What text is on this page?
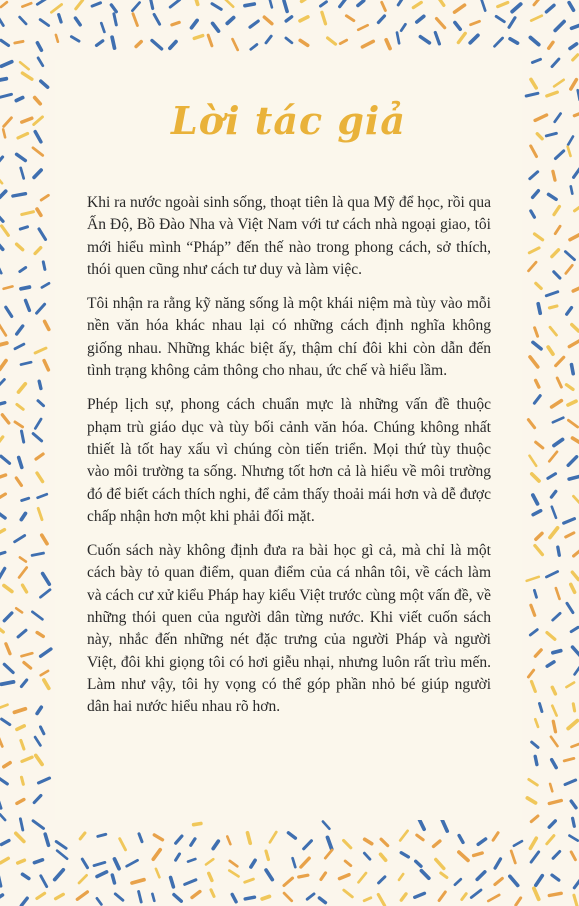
Lời tác giả

Khi ra nước ngoài sinh sống, thoạt tiên là qua Mỹ để học, rồi qua Ấn Độ, Bồ Đào Nha và Việt Nam với tư cách nhà ngoại giao, tôi mới hiểu mình “Pháp” đến thế nào trong phong cách, sở thích, thói quen cũng như cách tư duy và làm việc.

Tôi nhận ra rằng kỹ năng sống là một khái niệm mà tùy vào mỗi nền văn hóa khác nhau lại có những cách định nghĩa không giống nhau. Những khác biệt ấy, thậm chí đôi khi còn dẫn đến tình trạng không cảm thông cho nhau, ức chế và hiểu lầm.

Phép lịch sự, phong cách chuẩn mực là những vấn đề thuộc phạm trù giáo dục và tùy bối cảnh văn hóa. Chúng không nhất thiết là tốt hay xấu vì chúng còn tiến triển. Mọi thứ tùy thuộc vào môi trường ta sống. Nhưng tốt hơn cả là hiểu về môi trường đó để biết cách thích nghi, để cảm thấy thoải mái hơn và dễ được chấp nhận hơn một khi phải đối mặt.

Cuốn sách này không định đưa ra bài học gì cả, mà chỉ là một cách bày tỏ quan điểm, quan điểm của cá nhân tôi, về cách làm và cách cư xử kiểu Pháp hay kiểu Việt trước cùng một vấn đề, về những thói quen của người dân từng nước. Khi viết cuốn sách này, nhắc đến những nét đặc trưng của người Pháp và người Việt, đôi khi giọng tôi có hơi giễu nhại, nhưng luôn rất trìu mến. Làm như vậy, tôi hy vọng có thể góp phần nhỏ bé giúp người dân hai nước hiểu nhau rõ hơn.
